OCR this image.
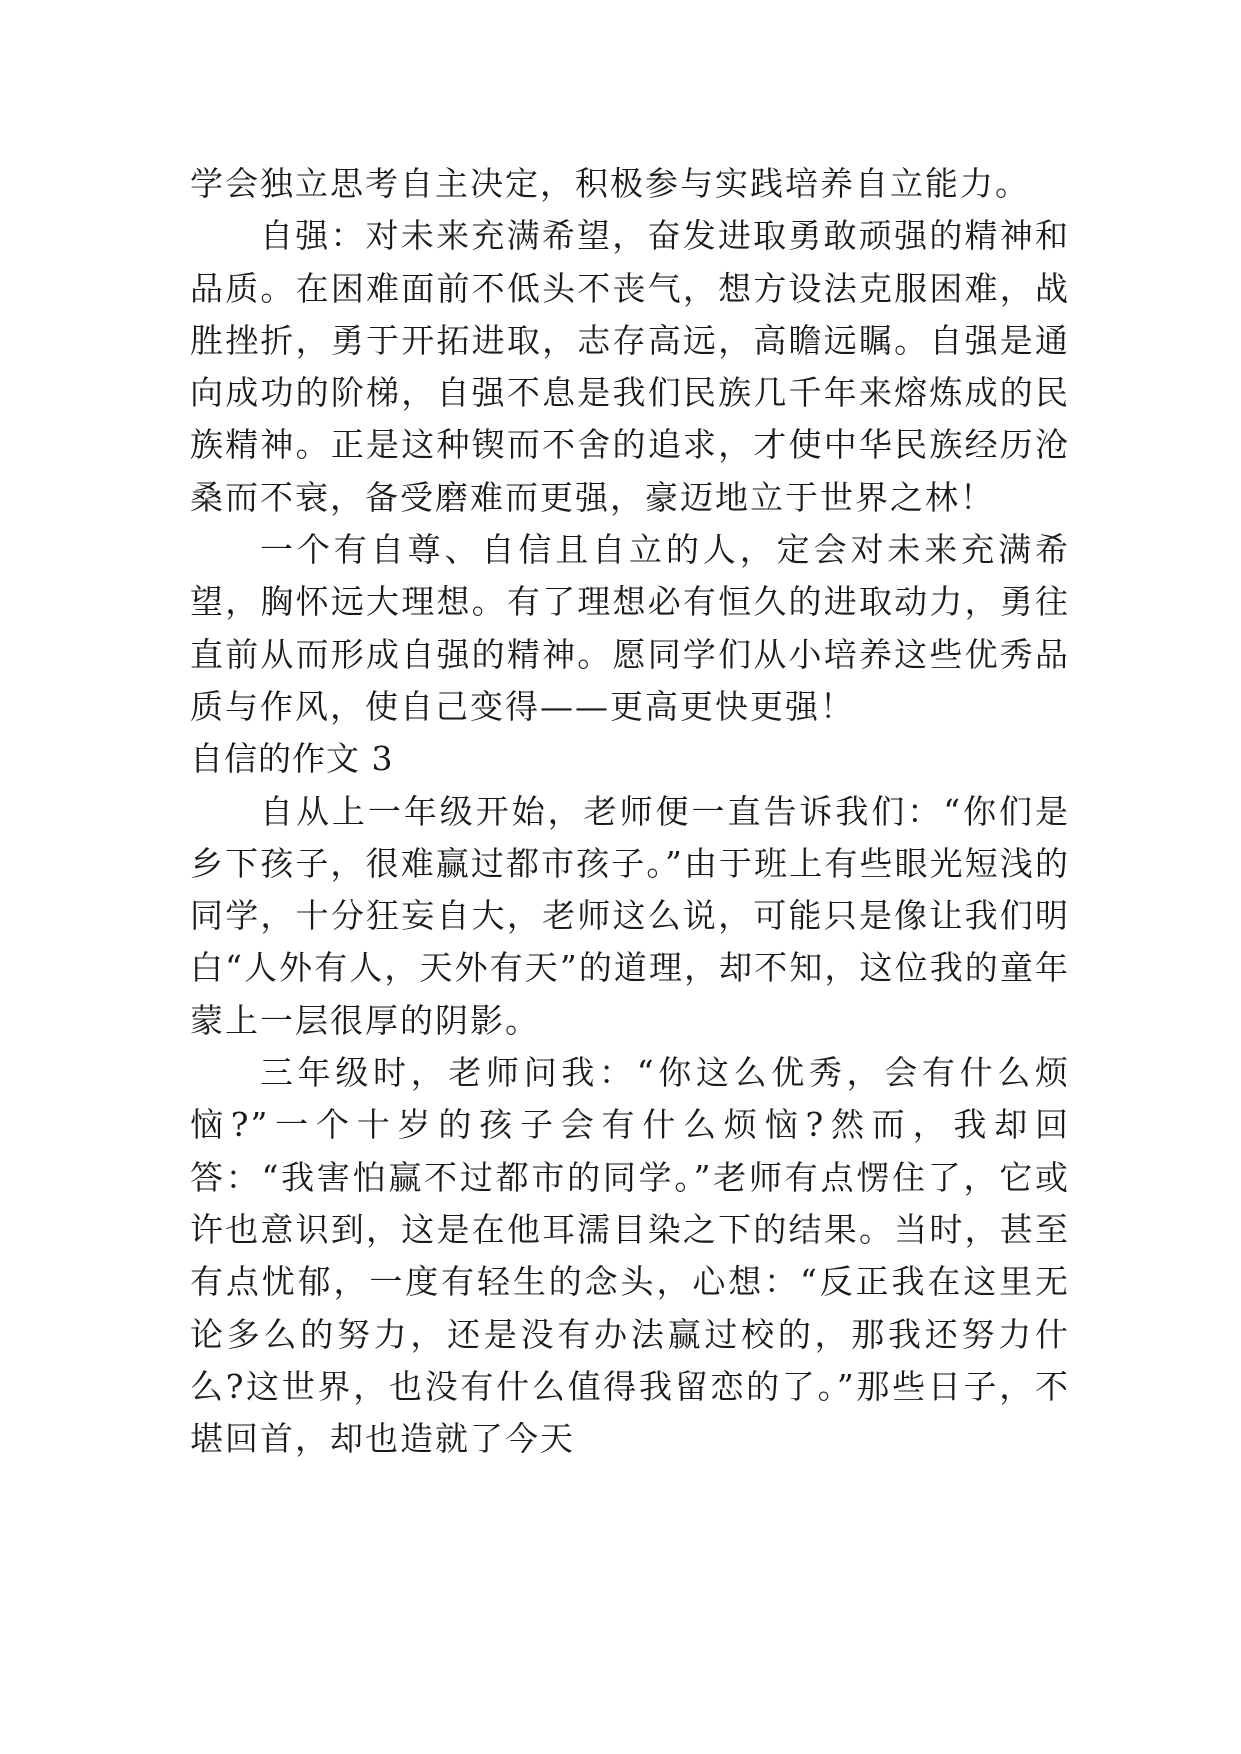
学会独立思考自主决定，积极参与实践培养自立能力。

自强：对未来充满希望，奋发进取勇敢顽强的精神和品质。在困难面前不低头不丧气，想方设法克服困难，战胜挫折，勇于开拓进取，志存高远，高瞻远瞩。自强是通向成功的阶梯，自强不息是我们民族几千年来熔炼成的民族精神。正是这种锲而不舍的追求，才使中华民族经历沧桑而不衰，备受磨难而更强，豪迈地立于世界之林！

一个有自尊、自信且自立的人，定会对未来充满希望，胸怀远大理想。有了理想必有恒久的进取动力，勇往直前从而形成自强的精神。愿同学们从小培养这些优秀品质与作风，使自己变得——更高更快更强！

自信的作文 3

自从上一年级开始，老师便一直告诉我们：“你们是乡下孩子，很难赢过都市孩子。”由于班上有些眼光短浅的同学，十分狂妄自大，老师这么说，可能只是像让我们明白“人外有人，天外有天”的道理，却不知，这位我的童年蒙上一层很厚的阴影。

三年级时，老师问我：“你这么优秀，会有什么烦恼?”一个十岁的孩子会有什么烦恼?然而，我却回答：“我害怕赢不过都市的同学。”老师有点愣住了，它或许也意识到，这是在他耳濡目染之下的结果。当时，甚至有点忧郁，一度有轻生的念头，心想：“反正我在这里无论多么的努力，还是没有办法赢过校的，那我还努力什么?这世界，也没有什么值得我留恋的了。”那些日子，不堪回首，却也造就了今天
